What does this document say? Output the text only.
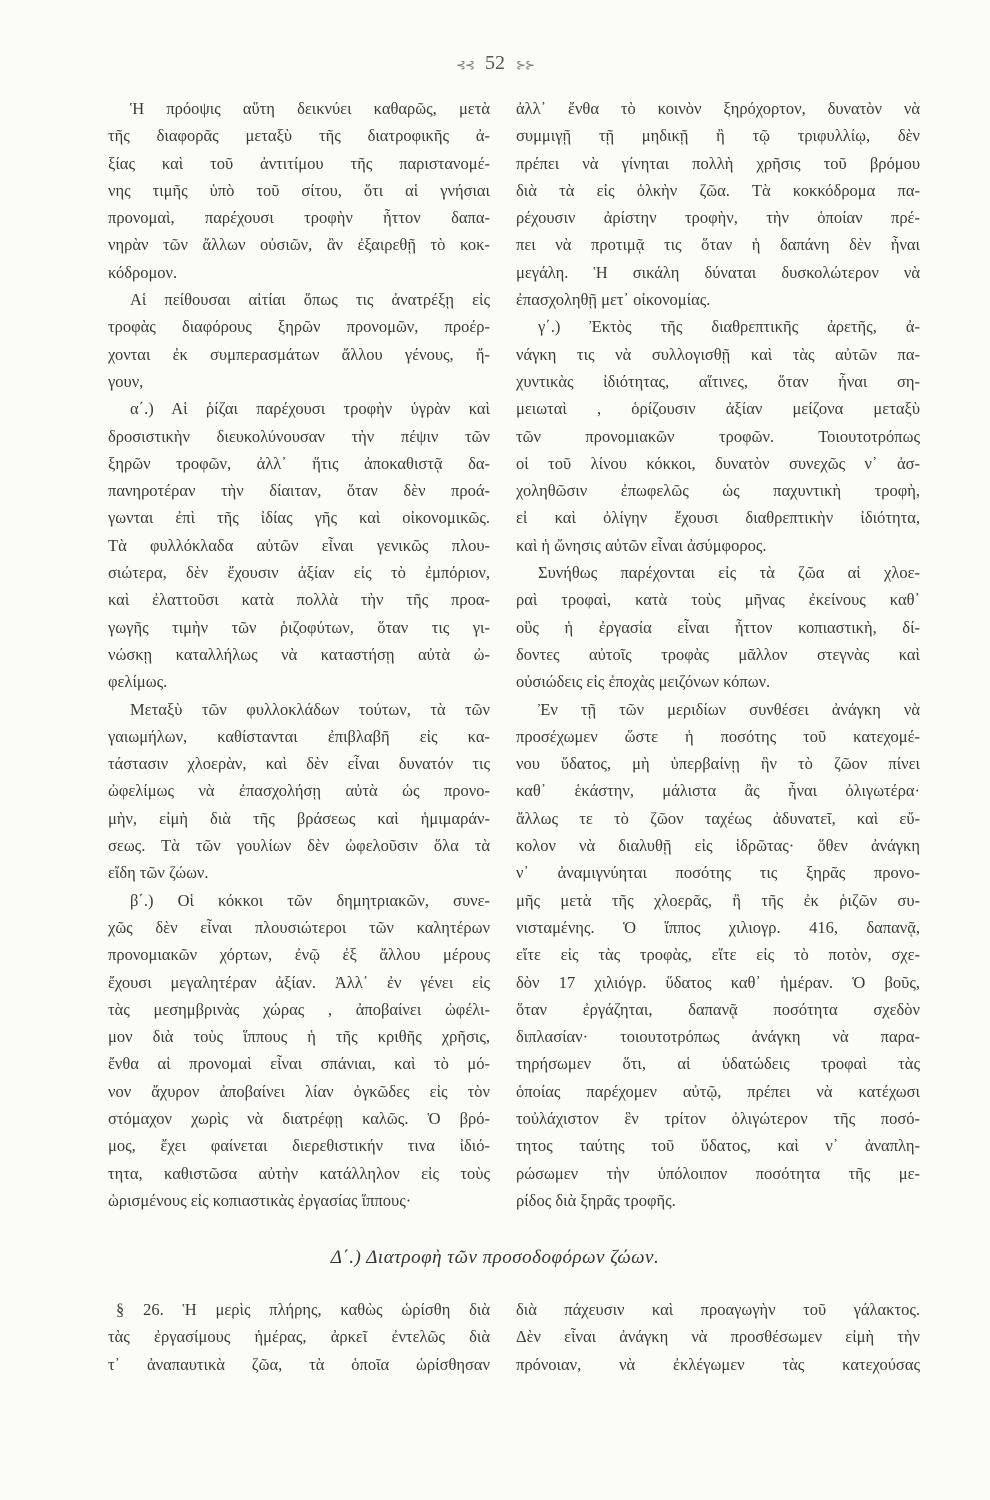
⊰⊰ 52 ⊱⊱
Ἡ πρόοψις αὕτη δεικνύει καθαρῶς, μετὰ
τῆς διαφορᾶς μεταξὺ τῆς διατροφικῆς ἀ-
ξίας καὶ τοῦ ἀντιτίμου τῆς παριστανομέ-
νης τιμῆς ὑπὸ τοῦ σίτου, ὅτι αἱ γνήσιαι
προνομαὶ, παρέχουσι τροφὴν ἧττον δαπα-
νηρὰν τῶν ἄλλων οὐσιῶν, ἂν ἐξαιρεθῇ τὸ κοκ-
κόδρομον.
Αἱ πείθουσαι αἰτίαι ὅπως τις ἀνατρέξῃ εἰς
τροφὰς διαφόρους ξηρῶν προνομῶν, προέρ-
χονται ἐκ συμπερασμάτων ἄλλου γένους, ἤ-
γουν,
α΄.) Αἱ ῥίζαι παρέχουσι τροφὴν ὑγρὰν καὶ
δροσιστικὴν διευκολύνουσαν τὴν πέψιν τῶν
ξηρῶν τροφῶν, ἀλλ᾿ ἥτις ἀποκαθιστᾷ δα-
πανηροτέραν τὴν δίαιταν, ὅταν δὲν προά-
γωνται ἐπὶ τῆς ἰδίας γῆς καὶ οἰκονομικῶς.
Τὰ φυλλόκλαδα αὐτῶν εἶναι γενικῶς πλου-
σιώτερα, δὲν ἔχουσιν ἀξίαν εἰς τὸ ἐμπόριον,
καὶ ἐλαττοῦσι κατὰ πολλὰ τὴν τῆς προα-
γωγῆς τιμὴν τῶν ῥιζοφύτων, ὅταν τις γι-
νώσκῃ καταλλήλως νὰ καταστήσῃ αὐτὰ ὠ-
φελίμως.
Μεταξὺ τῶν φυλλοκλάδων τούτων, τὰ τῶν
γαιωμήλων, καθίστανται ἐπιβλαβῆ εἰς κα-
τάστασιν χλοερὰν, καὶ δὲν εἶναι δυνατόν τις
ὠφελίμως νὰ ἐπασχολήσῃ αὐτὰ ὡς προνο-
μὴν, εἰμὴ διὰ τῆς βράσεως καὶ ἡμιμαράν-
σεως. Τὰ τῶν γουλίων δὲν ὠφελοῦσιν ὅλα τὰ
εἴδη τῶν ζώων.
β΄.) Οἱ κόκκοι τῶν δημητριακῶν, συνε-
χῶς δὲν εἶναι πλουσιώτεροι τῶν καλητέρων
προνομιακῶν χόρτων, ἐνῷ ἐξ ἄλλου μέρους
ἔχουσι μεγαλητέραν ἀξίαν. Ἀλλ᾿ ἐν γένει εἰς
τὰς μεσημβρινὰς χώρας , ἀποβαίνει ὠφέλι-
μον διὰ τοὺς ἵππους ἡ τῆς κριθῆς χρῆσις,
ἔνθα αἱ προνομαὶ εἶναι σπάνιαι, καὶ τὸ μό-
νον ἄχυρον ἀποβαίνει λίαν ὀγκῶδες εἰς τὸν
στόμαχον χωρὶς νὰ διατρέφῃ καλῶς. Ὁ βρό-
μος, ἔχει φαίνεται διερεθιστικήν τινα ἰδιό-
τητα, καθιστῶσα αὐτὴν κατάλληλον εἰς τοὺς
ὡρισμένους εἰς κοπιαστικὰς ἐργασίας ἵππους·
ἀλλ᾿ ἔνθα τὸ κοινὸν ξηρόχορτον, δυνατὸν νὰ
συμμιγῇ τῇ μηδικῇ ἢ τῷ τριφυλλίῳ, δὲν
πρέπει νὰ γίνηται πολλὴ χρῆσις τοῦ βρόμου
διὰ τὰ εἰς ὁλκὴν ζῶα. Τὰ κοκκόδρομα πα-
ρέχουσιν ἀρίστην τροφὴν, τὴν ὁποίαν πρέ-
πει νὰ προτιμᾷ τις ὅταν ἡ δαπάνη δὲν ἦναι
μεγάλη. Ἡ σικάλη δύναται δυσκολώτερον νὰ
ἐπασχοληθῇ μετ᾿ οἰκονομίας.
γ΄.) Ἐκτὸς τῆς διαθρεπτικῆς ἀρετῆς, ἀ-
νάγκη τις νὰ συλλογισθῇ καὶ τὰς αὐτῶν πα-
χυντικὰς ἰδιότητας, αἵτινες, ὅταν ἦναι ση-
μειωταὶ , ὁρίζουσιν ἀξίαν μείζονα μεταξὺ
τῶν προνομιακῶν τροφῶν. Τοιουτοτρόπως
οἱ τοῦ λίνου κόκκοι, δυνατὸν συνεχῶς ν᾿ ἀσ-
χοληθῶσιν ἐπωφελῶς ὡς παχυντικὴ τροφὴ,
εἰ καὶ ὀλίγην ἔχουσι διαθρεπτικὴν ἰδιότητα,
καὶ ἡ ὤνησις αὐτῶν εἶναι ἀσύμφορος.
Συνήθως παρέχονται εἰς τὰ ζῶα αἱ χλοε-
ραὶ τροφαὶ, κατὰ τοὺς μῆνας ἐκείνους καθ᾿
οὓς ἡ ἐργασία εἶναι ἧττον κοπιαστικὴ, δί-
δοντες αὐτοῖς τροφὰς μᾶλλον στεγνὰς καὶ
οὐσιώδεις εἰς ἐποχὰς μειζόνων κόπων.
Ἐν τῇ τῶν μεριδίων συνθέσει ἀνάγκη νὰ
προσέχωμεν ὥστε ἡ ποσότης τοῦ κατεχομέ-
νου ὕδατος, μὴ ὑπερβαίνῃ ἣν τὸ ζῶον πίνει
καθ᾿ ἑκάστην, μάλιστα ἂς ἦναι ὀλιγωτέρα·
ἄλλως τε τὸ ζῶον ταχέως ἀδυνατεῖ, καὶ εὔ-
κολον νὰ διαλυθῇ εἰς ἱδρῶτας· ὅθεν ἀνάγκη
ν᾿ ἀναμιγνύηται ποσότης τις ξηρᾶς προνο-
μῆς μετὰ τῆς χλοερᾶς, ἢ τῆς ἐκ ῥιζῶν συ-
νισταμένης. Ὁ ἵππος χιλιογρ. 416, δαπανᾷ,
εἴτε εἰς τὰς τροφὰς, εἴτε εἰς τὸ ποτὸν, σχε-
δὸν 17 χιλιόγρ. ὕδατος καθ᾿ ἡμέραν. Ὁ βοῦς,
ὅταν ἐργάζηται, δαπανᾷ ποσότητα σχεδὸν
διπλασίαν· τοιουτοτρόπως ἀνάγκη νὰ παρα-
τηρήσωμεν ὅτι, αἱ ὑδατώδεις τροφαὶ τὰς
ὁποίας παρέχομεν αὐτῷ, πρέπει νὰ κατέχωσι
τοὐλάχιστον ἓν τρίτον ὀλιγώτερον τῆς ποσό-
τητος ταύτης τοῦ ὕδατος, καὶ ν᾿ ἀναπλη-
ρώσωμεν τὴν ὑπόλοιπον ποσότητα τῆς με-
ρίδος διὰ ξηρᾶς τροφῆς.
Δ΄.) Διατροφὴ τῶν προσοδοφόρων ζώων.
§ 26. Ἡ μερὶς πλήρης, καθὼς ὡρίσθη διὰ
τὰς ἐργασίμους ἡμέρας, ἀρκεῖ ἐντελῶς διὰ
τ᾿ ἀναπαυτικὰ ζῶα, τὰ ὁποῖα ὡρίσθησαν
διὰ πάχευσιν καὶ προαγωγὴν τοῦ γάλακτος.
Δὲν εἶναι ἀνάγκη νὰ προσθέσωμεν εἰμὴ τὴν
πρόνοιαν, νὰ ἐκλέγωμεν τὰς κατεχούσας
